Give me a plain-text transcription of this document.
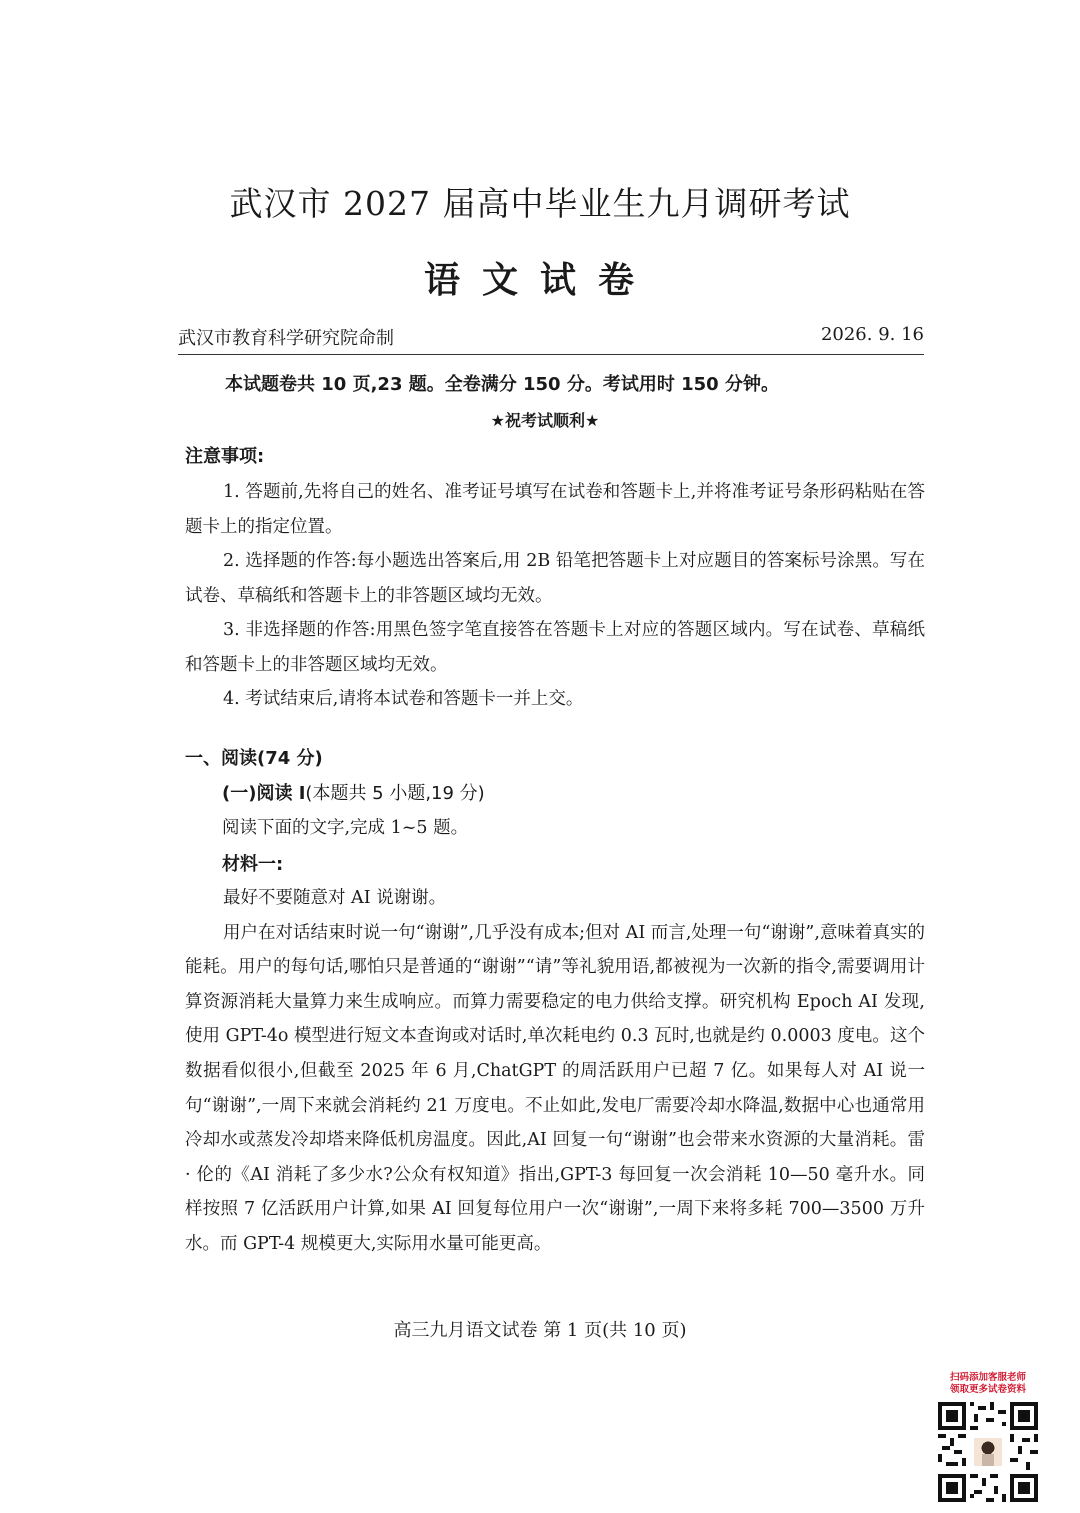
武汉市 2027 届高中毕业生九月调研考试
语文试卷
武汉市教育科学研究院命制	2026. 9. 16
本试题卷共 10 页,23 题。全卷满分 150 分。考试用时 150 分钟。
★祝考试顺利★
注意事项:

1. 答题前,先将自己的姓名、准考证号填写在试卷和答题卡上,并将准考证号条形码粘贴在答题卡上的指定位置。

2. 选择题的作答:每小题选出答案后,用 2B 铅笔把答题卡上对应题目的答案标号涂黑。写在试卷、草稿纸和答题卡上的非答题区域均无效。

3. 非选择题的作答:用黑色签字笔直接答在答题卡上对应的答题区域内。写在试卷、草稿纸和答题卡上的非答题区域均无效。

4. 考试结束后,请将本试卷和答题卡一并上交。

一、阅读(74 分)
(一)阅读 I(本题共 5 小题,19 分)
阅读下面的文字,完成 1~5 题。
材料一:

最好不要随意对 AI 说谢谢。

用户在对话结束时说一句“谢谢”,几乎没有成本;但对 AI 而言,处理一句“谢谢”,意味着真实的能耗。用户的每句话,哪怕只是普通的“谢谢”“请”等礼貌用语,都被视为一次新的指令,需要调用计算资源消耗大量算力来生成响应。而算力需要稳定的电力供给支撑。研究机构 Epoch AI 发现,使用 GPT-4o 模型进行短文本查询或对话时,单次耗电约 0.3 瓦时,也就是约 0.0003 度电。这个数据看似很小,但截至 2025 年 6 月,ChatGPT 的周活跃用户已超 7 亿。如果每人对 AI 说一句“谢谢”,一周下来就会消耗约 21 万度电。不止如此,发电厂需要冷却水降温,数据中心也通常用冷却水或蒸发冷却塔来降低机房温度。因此,AI 回复一句“谢谢”也会带来水资源的大量消耗。雷 · 伦的《AI 消耗了多少水?公众有权知道》指出,GPT-3 每回复一次会消耗 10—50 毫升水。同样按照 7 亿活跃用户计算,如果 AI 回复每位用户一次“谢谢”,一周下来将多耗 700—3500 万升水。而 GPT-4 规模更大,实际用水量可能更高。

高三九月语文试卷 第 1 页(共 10 页)
扫码添加客服老师
领取更多试卷资料
